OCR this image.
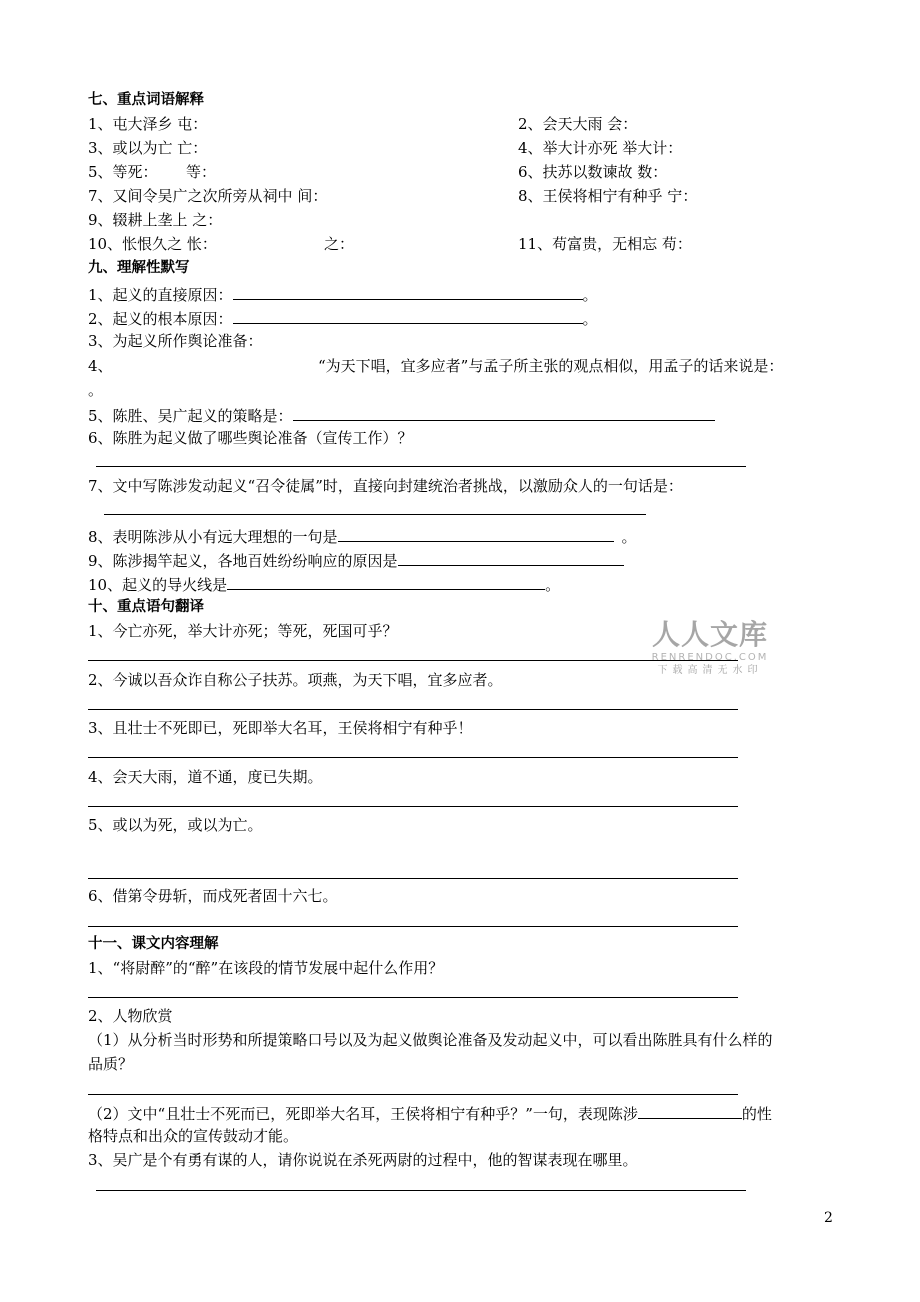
七、重点词语解释
1、屯大泽乡 屯：	2、会天大雨 会：
3、或以为亡 亡：	4、举大计亦死 举大计：
5、等死： 等：	6、扶苏以数谏故 数：
7、又间令吴广之次所旁从祠中 间：	8、王侯将相宁有种乎 宁：
9、辍耕上垄上 之：
10、怅恨久之 怅：	之：	11、苟富贵，无相忘 苟：
九、理解性默写
1、起义的直接原因：	。
2、起义的根本原因：	。
3、为起义所作舆论准备：
4、	“为天下唱，宜多应者”与孟子所主张的观点相似，用孟子的话来说是：
。
5、陈胜、吴广起义的策略是：
6、陈胜为起义做了哪些舆论准备（宣传工作）？
7、文中写陈涉发动起义“召令徒属”时，直接向封建统治者挑战，以激励众人的一句话是：
8、表明陈涉从小有远大理想的一句是	。
9、陈涉揭竿起义，各地百姓纷纷响应的原因是
10、起义的导火线是	。
十、重点语句翻译
1、今亡亦死，举大计亦死；等死，死国可乎？
2、今诚以吾众诈自称公子扶苏。项燕，为天下唱，宜多应者。
3、且壮士不死即已，死即举大名耳，王侯将相宁有种乎！
4、会天大雨，道不通，度已失期。
5、或以为死，或以为亡。
6、借第令毋斩，而戍死者固十六七。
十一、课文内容理解
1、“将尉醉”的“醉”在该段的情节发展中起什么作用？
2、人物欣赏
（1）从分析当时形势和所提策略口号以及为起义做舆论准备及发动起义中，可以看出陈胜具有什么样的
品质？
（2）文中“且壮士不死而已，死即举大名耳，王侯将相宁有种乎？”一句，表现陈涉	的性
格特点和出众的宣传鼓动才能。
3、吴广是个有勇有谋的人，请你说说在杀死两尉的过程中，他的智谋表现在哪里。
人人文库
RENRENDOC.COM
下载高清无水印
2
